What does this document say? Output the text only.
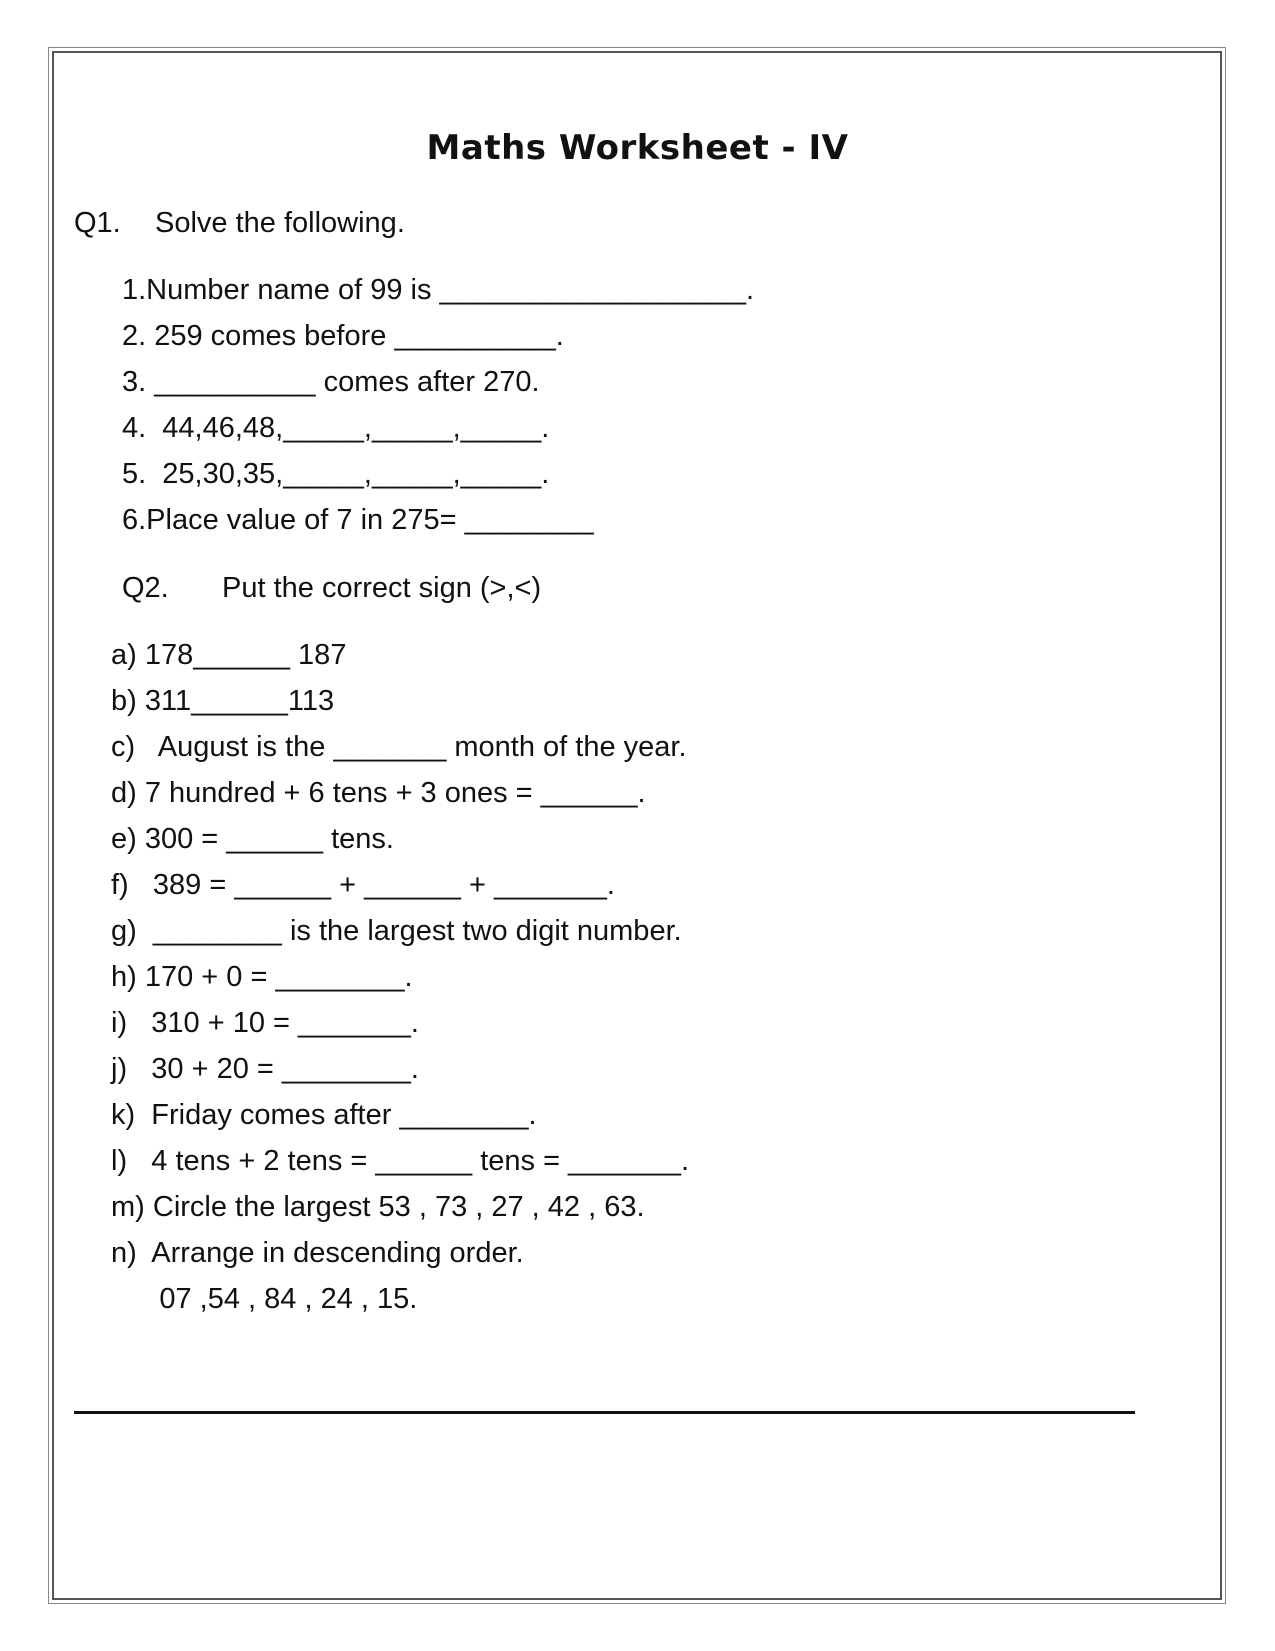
Maths Worksheet - IV
Q1. Solve the following.
1.Number name of 99 is ___________________.
2. 259 comes before __________.
3. __________ comes after 270.
4.  44,46,48,_____,_____,_____.
5.  25,30,35,_____,_____,_____.
6.Place value of 7 in 275= ________
Q2. Put the correct sign (>,<)
a) 178______ 187
b) 311______113
c)   August is the _______ month of the year.
d) 7 hundred + 6 tens + 3 ones = ______.
e) 300 = ______ tens.
f)   389 = ______ + ______ + _______.
g)  ________ is the largest two digit number.
h) 170 + 0 = ________.
i)   310 + 10 = _______.
j)   30 + 20 = ________.
k)  Friday comes after ________.
l)   4 tens + 2 tens = ______ tens = _______.
m) Circle the largest 53 , 73 , 27 , 42 , 63.
n)  Arrange in descending order.
07 ,54 , 84 , 24 , 15.
